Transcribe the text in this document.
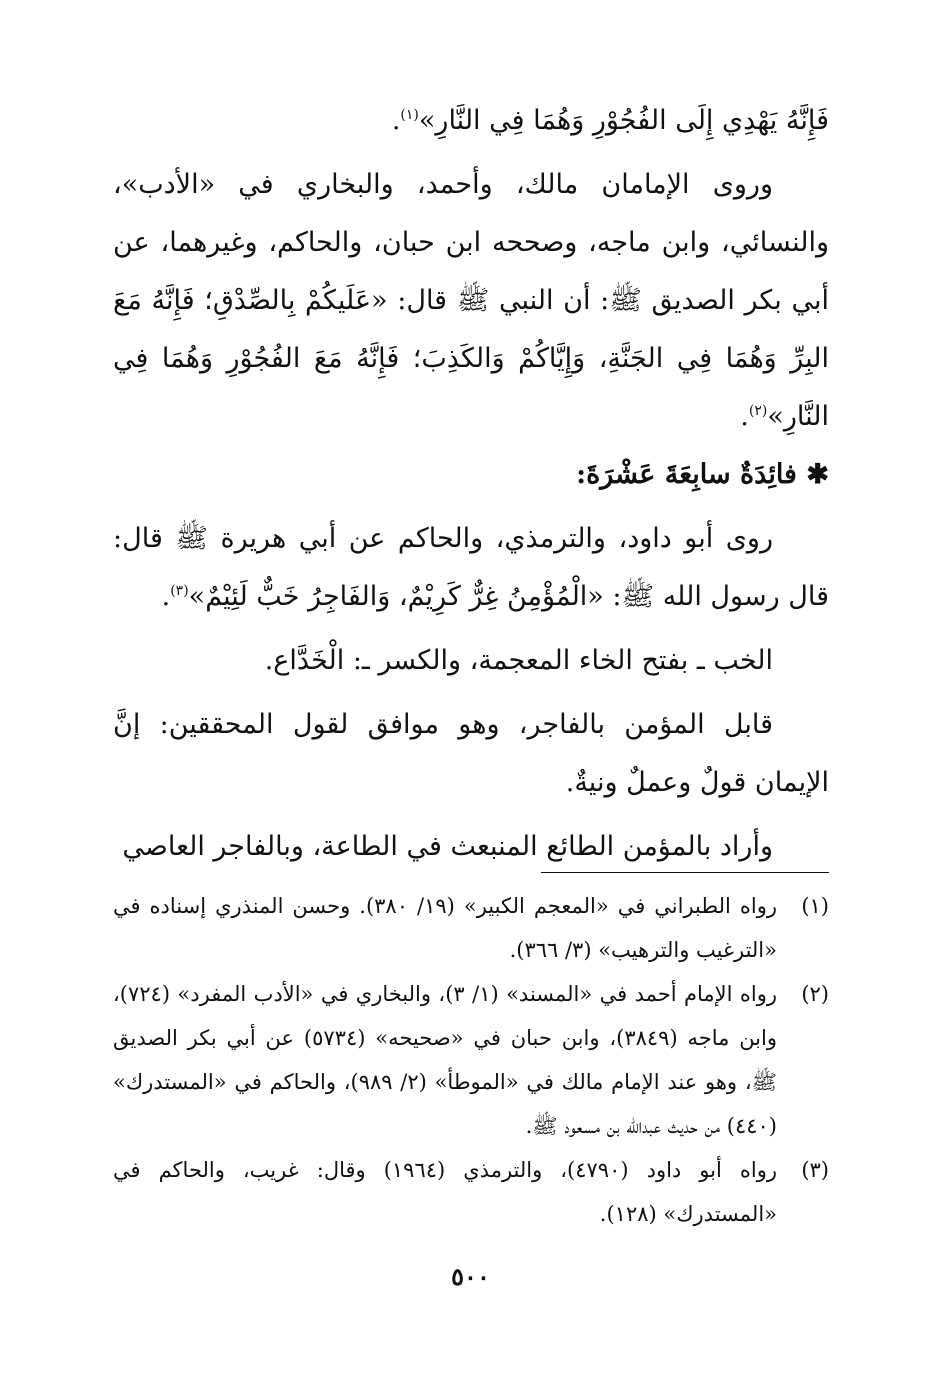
فَإِنَّهُ يَهْدِي إِلَى الفُجُوْرِ وَهُمَا فِي النَّارِ»$^{(١)}$.

وروى الإمامان مالك، وأحمد، والبخاري في «الأدب»، والنسائي، وابن ماجه، وصححه ابن حبان، والحاكم، وغيرهما، عن أبي بكر الصديق ﷺ: أن النبي ﷺ قال: «عَلَيكُمْ بِالصِّدْقِ؛ فَإِنَّهُ مَعَ البِرِّ وَهُمَا فِي الجَنَّةِ، وَإِيَّاكُمْ وَالكَذِبَ؛ فَإِنَّهُ مَعَ الفُجُوْرِ وَهُمَا فِي النَّارِ»$^{(٢)}$.

✱ فائِدَةٌ سابِعَةَ عَشْرَةَ:

روى أبو داود، والترمذي، والحاكم عن أبي هريرة ﷺ قال: قال رسول الله ﷺ: «الْمُؤْمِنُ غِرٌّ كَرِيْمٌ، وَالفَاجِرُ خَبٌّ لَئِيْمٌ»$^{(٣)}$.

الخب ـ بفتح الخاء المعجمة، والكسر ـ: الْخَدَّاع.

قابل المؤمن بالفاجر، وهو موافق لقول المحققين: إنَّ الإيمان قولٌ وعملٌ ونيةٌ.

وأراد بالمؤمن الطائع المنبعث في الطاعة، وبالفاجر العاصي

(١)
رواه الطبراني في «المعجم الكبير» (١٩/ ٣٨٠). وحسن المنذري إسناده في «الترغيب والترهيب» (٣/ ٣٦٦).
(٢)
رواه الإمام أحمد في «المسند» (١/ ٣)، والبخاري في «الأدب المفرد» (٧٢٤)، وابن ماجه (٣٨٤٩)، وابن حبان في «صحيحه» (٥٧٣٤) عن أبي بكر الصديق ﷺ، وهو عند الإمام مالك في «الموطأ» (٢/ ٩٨٩)، والحاكم في «المستدرك» (٤٤٠) من حديث عبدالله بن مسعود ﷺ.
(٣)
رواه أبو داود (٤٧٩٠)، والترمذي (١٩٦٤) وقال: غريب، والحاكم في «المستدرك» (١٢٨).
٥٠٠
